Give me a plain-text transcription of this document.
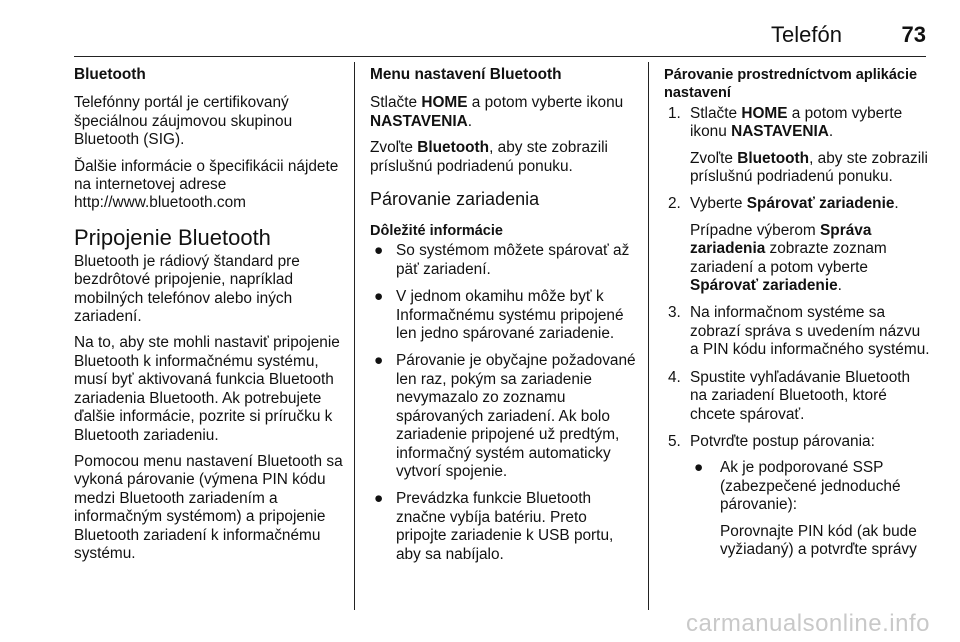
Telefón	73
Bluetooth

Telefónny portál je certifikovaný špeciálnou záujmovou skupinou Bluetooth (SIG).

Ďalšie informácie o špecifikácii nájdete na internetovej adrese http://www.bluetooth.com

Pripojenie Bluetooth

Bluetooth je rádiový štandard pre bezdrôtové pripojenie, napríklad mobilných telefónov alebo iných zariadení.

Na to, aby ste mohli nastaviť pripojenie Bluetooth k informačnému systému, musí byť aktivovaná funkcia Bluetooth zariadenia Bluetooth. Ak potrebujete ďalšie informácie, pozrite si príručku k Bluetooth zariadeniu.

Pomocou menu nastavení Bluetooth sa vykoná párovanie (výmena PIN kódu medzi Bluetooth zariadením a informačným systémom) a pripojenie Bluetooth zariadení k informačnému systému.

Menu nastavení Bluetooth

Stlačte HOME a potom vyberte ikonu NASTAVENIA.

Zvoľte Bluetooth, aby ste zobrazili príslušnú podriadenú ponuku.

Párovanie zariadenia
Dôležité informácie
● So systémom môžete spárovať až päť zariadení.
● V jednom okamihu môže byť k Informačnému systému pripojené len jedno spárované zariadenie.
● Párovanie je obyčajne požadované len raz, pokým sa zariadenie nevymazalo zo zoznamu spárovaných zariadení. Ak bolo zariadenie pripojené už predtým, informačný systém automaticky vytvorí spojenie.
● Prevádzka funkcie Bluetooth značne vybíja batériu. Preto pripojte zariadenie k USB portu, aby sa nabíjalo.
Párovanie prostredníctvom aplikácie nastavení
1. Stlačte HOME a potom vyberte ikonu NASTAVENIA.

Zvoľte Bluetooth, aby ste zobrazili príslušnú podriadenú ponuku.

2. Vyberte Spárovať zariadenie.

Prípadne výberom Správa zariadenia zobrazte zoznam zariadení a potom vyberte Spárovať zariadenie.

3. Na informačnom systéme sa zobrazí správa s uvedením názvu a PIN kódu informačného systému.
4. Spustite vyhľadávanie Bluetooth na zariadení Bluetooth, ktoré chcete spárovať.
5. Potvrďte postup párovania:

● Ak je podporované SSP (zabezpečené jednoduché párovanie):

Porovnajte PIN kód (ak bude vyžiadaný) a potvrďte správy

carmanualsonline.info
